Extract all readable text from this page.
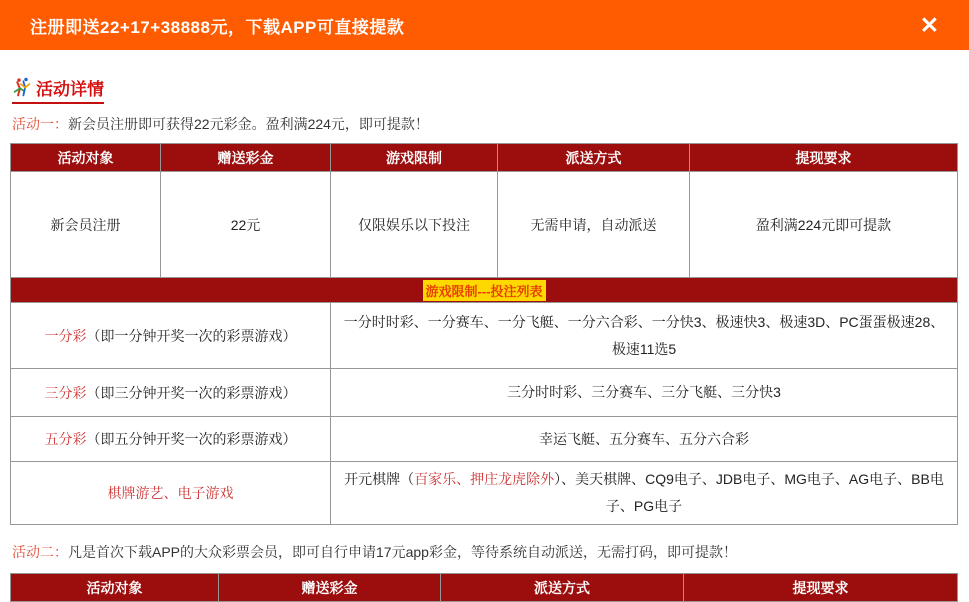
注册即送22+17+38888元，下载APP可直接提款	✕
活动详情

活动一：新会员注册即可获得22元彩金。盈利满224元，即可提款！

活动对象	赠送彩金	游戏限制	派送方式	提现要求
新会员注册	22元	仅限娱乐以下投注	无需申请，自动派送	盈利满224元即可提款
游戏限制---投注列表				
一分彩（即一分钟开奖一次的彩票游戏）		一分时时彩、一分赛车、一分飞艇、一分六合彩、一分快3、极速快3、极速3D、PC蛋蛋极速28、极速11选5		
三分彩（即三分钟开奖一次的彩票游戏）		三分时时彩、三分赛车、三分飞艇、三分快3		
五分彩（即五分钟开奖一次的彩票游戏）		幸运飞艇、五分赛车、五分六合彩		
棋牌游艺、电子游戏		开元棋牌（百家乐、押庄龙虎除外）、美天棋牌、CQ9电子、JDB电子、MG电子、AG电子、BB电子、PG电子		

活动二：凡是首次下载APP的大众彩票会员，即可自行申请17元app彩金，等待系统自动派送，无需打码，即可提款！

活动对象	赠送彩金	派送方式	提现要求
